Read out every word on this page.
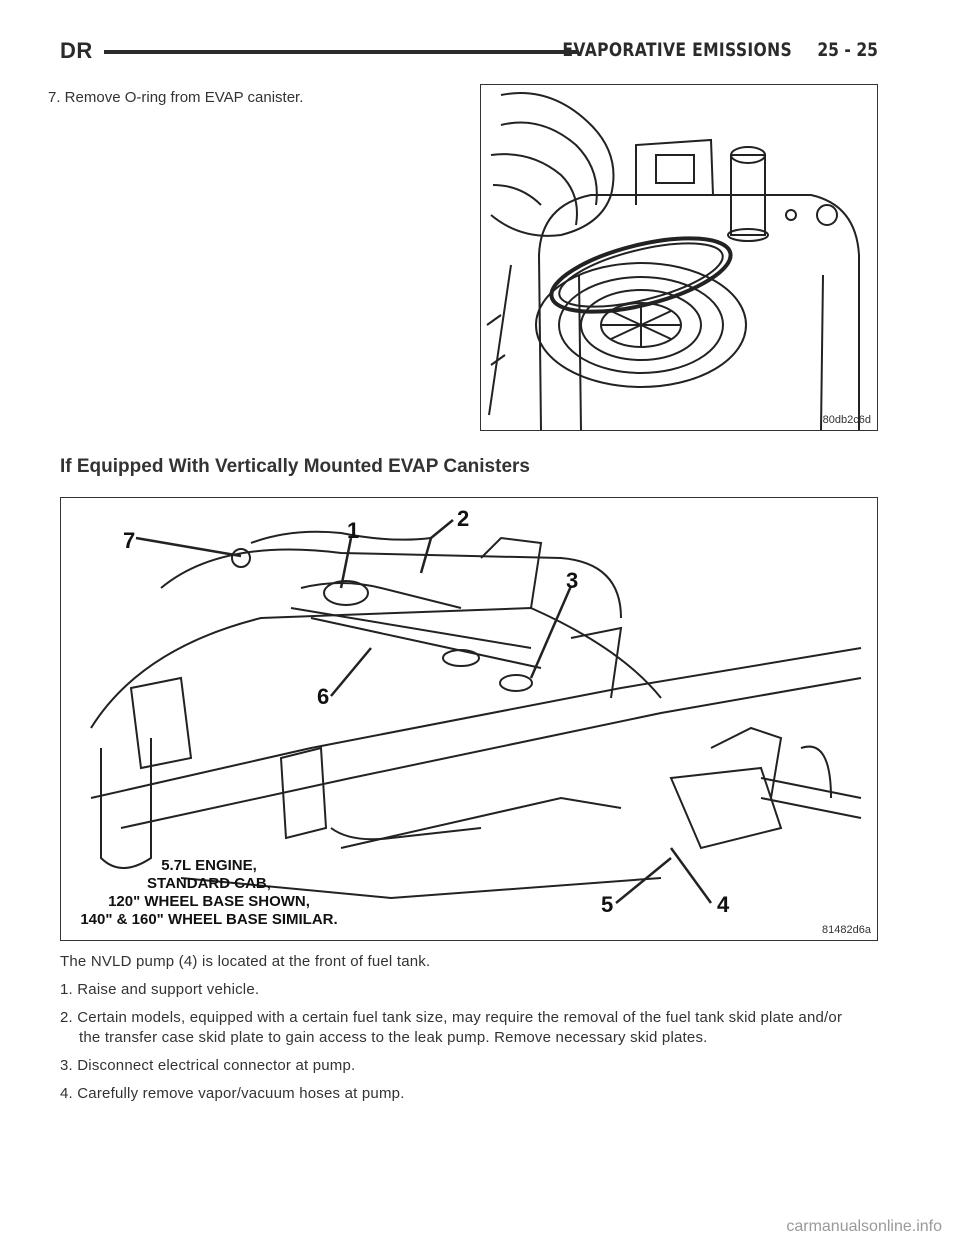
DR	EVAPORATIVE EMISSIONS 25 - 25
7. Remove O-ring from EVAP canister.
80db2c6d
If Equipped With Vertically Mounted EVAP Canisters
7	1	2
3
6
5	4
5.7L ENGINE,
STANDARD CAB,
120" WHEEL BASE SHOWN,
140" & 160" WHEEL BASE SIMILAR.
81482d6a
The NVLD pump (4) is located at the front of fuel tank.
1. Raise and support vehicle.
2. Certain models, equipped with a certain fuel tank size, may require the removal of the fuel tank skid plate and/or
the transfer case skid plate to gain access to the leak pump. Remove necessary skid plates.
3. Disconnect electrical connector at pump.
4. Carefully remove vapor/vacuum hoses at pump.
carmanualsonline.info
